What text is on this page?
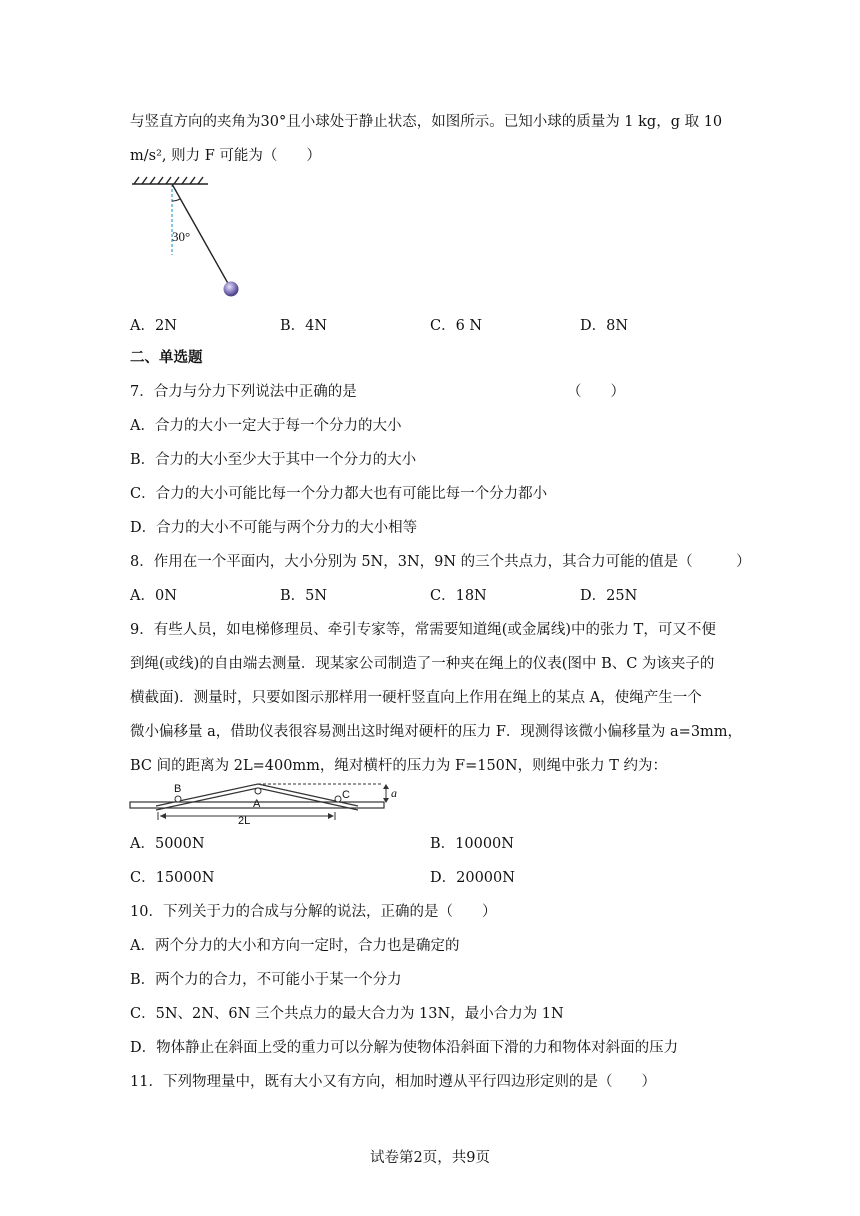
与竖直方向的夹角为30°且小球处于静止状态，如图所示。已知小球的质量为 1 kg，g 取 10
m/s², 则力 F 可能为（　　）
30°
A．2N	B．4N	C．6 N	D．8N
二、单选题
7．合力与分力下列说法中正确的是　　　　　　　　　　　　　　　（　　）
A．合力的大小一定大于每一个分力的大小
B．合力的大小至少大于其中一个分力的大小
C．合力的大小可能比每一个分力都大也有可能比每一个分力都小
D．合力的大小不可能与两个分力的大小相等
8．作用在一个平面内，大小分别为 5N，3N，9N 的三个共点力，其合力可能的值是（　　　）
A．0N	B．5N	C．18N	D．25N
9．有些人员，如电梯修理员、牵引专家等，常需要知道绳(或金属线)中的张力 T，可又不便
到绳(或线)的自由端去测量．现某家公司制造了一种夹在绳上的仪表(图中 B、C 为该夹子的
横截面)．测量时，只要如图示那样用一硬杆竖直向上作用在绳上的某点 A，使绳产生一个
微小偏移量 a，借助仪表很容易测出这时绳对硬杆的压力 F．现测得该微小偏移量为 a=3mm，
BC 间的距离为 2L=400mm，绳对横杆的压力为 F=150N，则绳中张力 T 约为：
B
A
C	a
2L
A．5000N	B．10000N
C．15000N	D．20000N
10．下列关于力的合成与分解的说法，正确的是（　　）
A．两个分力的大小和方向一定时，合力也是确定的
B．两个力的合力，不可能小于某一个分力
C．5N、2N、6N 三个共点力的最大合力为 13N，最小合力为 1N
D．物体静止在斜面上受的重力可以分解为使物体沿斜面下滑的力和物体对斜面的压力
11．下列物理量中，既有大小又有方向，相加时遵从平行四边形定则的是（　　）
试卷第2页，共9页
